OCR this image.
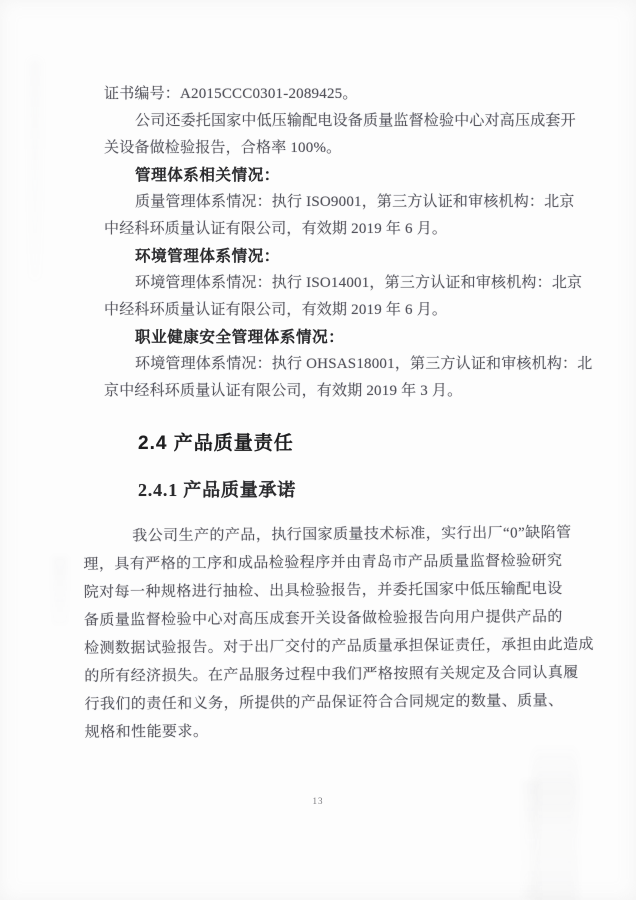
证书编号：A2015CCC0301-2089425。
公司还委托国家中低压输配电设备质量监督检验中心对高压成套开
关设备做检验报告，合格率 100%。
管理体系相关情况：
质量管理体系情况：执行 ISO9001，第三方认证和审核机构：北京
中经科环质量认证有限公司，有效期 2019 年 6 月。
环境管理体系情况：
环境管理体系情况：执行 ISO14001，第三方认证和审核机构：北京
中经科环质量认证有限公司，有效期 2019 年 6 月。
职业健康安全管理体系情况：
环境管理体系情况：执行 OHSAS18001，第三方认证和审核机构：北
京中经科环质量认证有限公司，有效期 2019 年 3 月。
2.4 产品质量责任
2.4.1 产品质量承诺
我公司生产的产品，执行国家质量技术标准，实行出厂“0”缺陷管
理，具有严格的工序和成品检验程序并由青岛市产品质量监督检验研究
院对每一种规格进行抽检、出具检验报告，并委托国家中低压输配电设
备质量监督检验中心对高压成套开关设备做检验报告向用户提供产品的
检测数据试验报告。对于出厂交付的产品质量承担保证责任，承担由此造成
的所有经济损失。在产品服务过程中我们严格按照有关规定及合同认真履
行我们的责任和义务，所提供的产品保证符合合同规定的数量、质量、
规格和性能要求。
13
